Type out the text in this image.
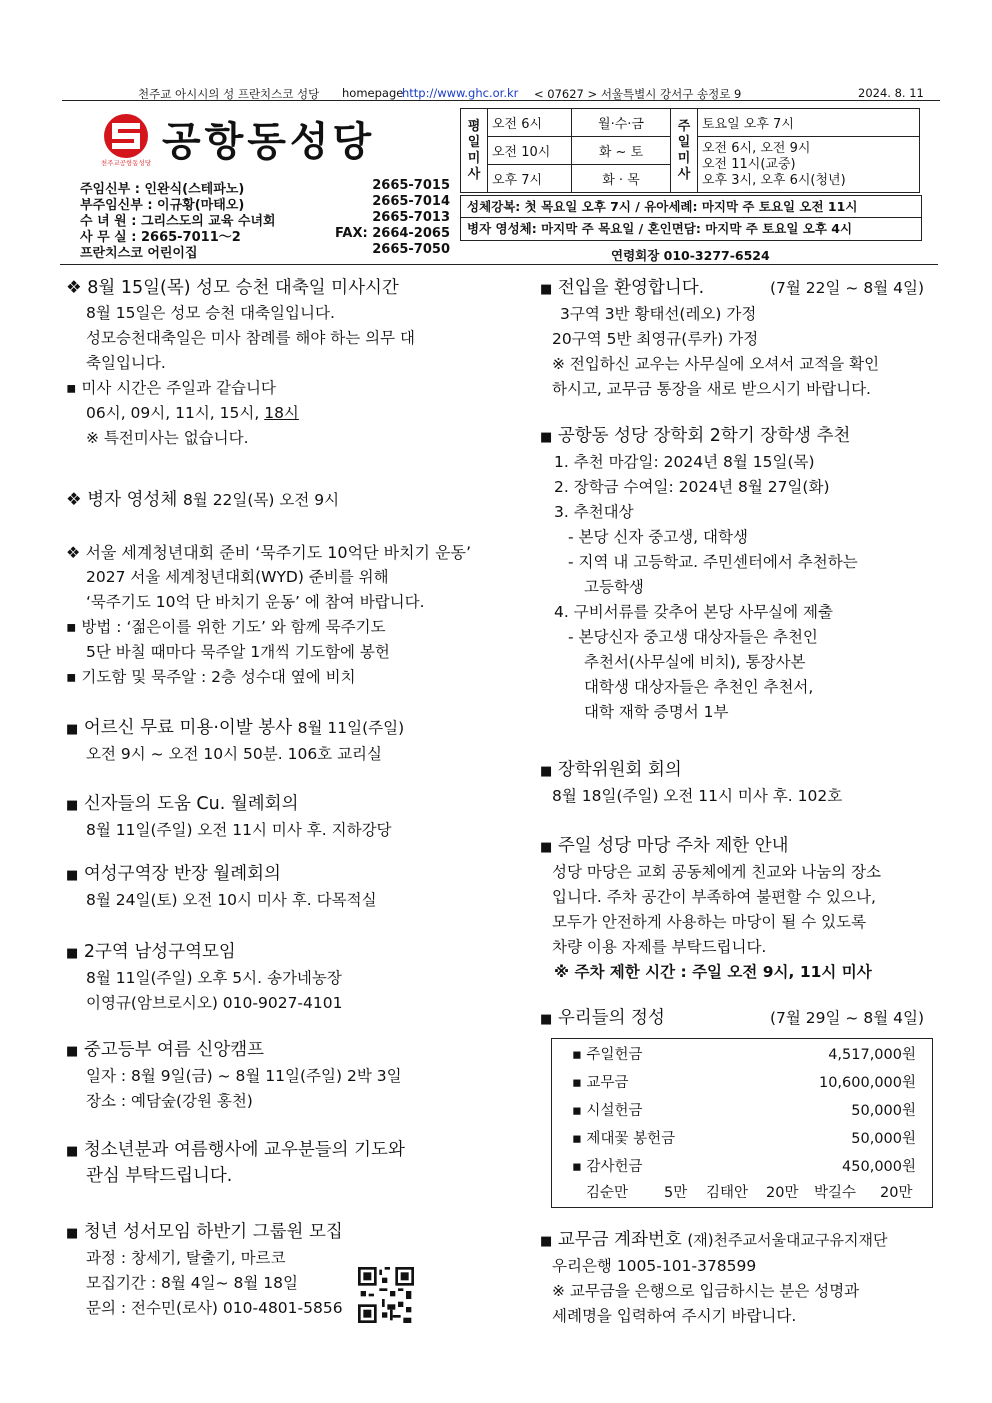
천주교 아시시의 성 프란치스코 성당 homepage
http://www.ghc.or.kr < 07627 > 서울특별시 강서구 송정로 9	2024. 8. 11
천주교공항동성당 공항동성당
주임신부 : 인완식(스테파노)	2665-7015
부주임신부 : 이규황(마태오)	2665-7014
수 녀 원 : 그리스도의 교육 수녀회	2665-7013
사 무 실 : 2665-7011～2	FAX: 2664-2065
프란치스코 어린이집	2665-7050
평일미사	오전 6시	월·수·금	주일미사	토요일 오후 7시
	오전 10시	화 ~ 토		오전 6시, 오전 9시
오전 11시(교중)
오후 3시, 오후 6시(청년)

	오후 7시	화 · 목		
성체강복: 첫 목요일 오후 7시 / 유아세례: 마지막 주 토요일 오전 11시
병자 영성체: 마지막 주 목요일 / 혼인면담: 마지막 주 토요일 오후 4시
연령회장 010-3277-6524
❖ 8월 15일(목) 성모 승천 대축일 미사시간
8월 15일은 성모 승천 대축일입니다.
성모승천대축일은 미사 참례를 해야 하는 의무 대
축일입니다.
▪ 미사 시간은 주일과 같습니다
06시, 09시, 11시, 15시, 18시
※ 특전미사는 없습니다.
❖ 병자 영성체 8월 22일(목) 오전 9시
❖ 서울 세계청년대회 준비 ‘묵주기도 10억단 바치기 운동’
2027 서울 세계청년대회(WYD) 준비를 위해
‘묵주기도 10억 단 바치기 운동’ 에 참여 바랍니다.
▪ 방법 : ‘젊은이를 위한 기도’ 와 함께 묵주기도
5단 바칠 때마다 묵주알 1개씩 기도함에 봉헌
▪ 기도함 및 묵주알 : 2층 성수대 옆에 비치
■ 어르신 무료 미용·이발 봉사 8월 11일(주일)
오전 9시 ~ 오전 10시 50분. 106호 교리실
■ 신자들의 도움 Cu. 월례회의
8월 11일(주일) 오전 11시 미사 후. 지하강당
■ 여성구역장 반장 월례회의
8월 24일(토) 오전 10시 미사 후. 다목적실
■ 2구역 남성구역모임
8월 11일(주일) 오후 5시. 송가네농장
이영규(암브로시오) 010-9027-4101
■ 중고등부 여름 신앙캠프
일자 : 8월 9일(금) ~ 8월 11일(주일) 2박 3일
장소 : 예담숲(강원 홍천)
■ 청소년분과 여름행사에 교우분들의 기도와
관심 부탁드립니다.
■ 청년 성서모임 하반기 그룹원 모집
과정 : 창세기, 탈출기, 마르코
모집기간 : 8월 4일~ 8월 18일
문의 : 전수민(로사) 010-4801-5856
■ 전입을 환영합니다.	(7월 22일 ~ 8월 4일)
3구역 3반 황태선(레오) 가정
20구역 5반 최영규(루카) 가정
※ 전입하신 교우는 사무실에 오셔서 교적을 확인
하시고, 교무금 통장을 새로 받으시기 바랍니다.
■ 공항동 성당 장학회 2학기 장학생 추천
1. 추천 마감일: 2024년 8월 15일(목)
2. 장학금 수여일: 2024년 8월 27일(화)
3. 추천대상
- 본당 신자 중고생, 대학생
- 지역 내 고등학교. 주민센터에서 추천하는
고등학생
4. 구비서류를 갖추어 본당 사무실에 제출
- 본당신자 중고생 대상자들은 추천인
추천서(사무실에 비치), 통장사본
대학생 대상자들은 추천인 추천서,
대학 재학 증명서 1부
■ 장학위원회 회의
8월 18일(주일) 오전 11시 미사 후. 102호
■ 주일 성당 마당 주차 제한 안내
성당 마당은 교회 공동체에게 친교와 나눔의 장소
입니다. 주차 공간이 부족하여 불편할 수 있으나,
모두가 안전하게 사용하는 마당이 될 수 있도록
차량 이용 자제를 부탁드립니다.
※ 주차 제한 시간 : 주일 오전 9시, 11시 미사
■ 우리들의 정성	(7월 29일 ~ 8월 4일)
■ 교무금 계좌번호 (재)천주교서울대교구유지재단
우리은행 1005-101-378599
※ 교무금을 은행으로 입금하시는 분은 성명과
세례명을 입력하여 주시기 바랍니다.
▪ 주일헌금	4,517,000원
▪ 교무금	10,600,000원
▪ 시설헌금	50,000원
▪ 제대꽃 봉헌금	50,000원
▪ 감사헌금	450,000원
김순만 5만 김태안 20만 박길수 20만
